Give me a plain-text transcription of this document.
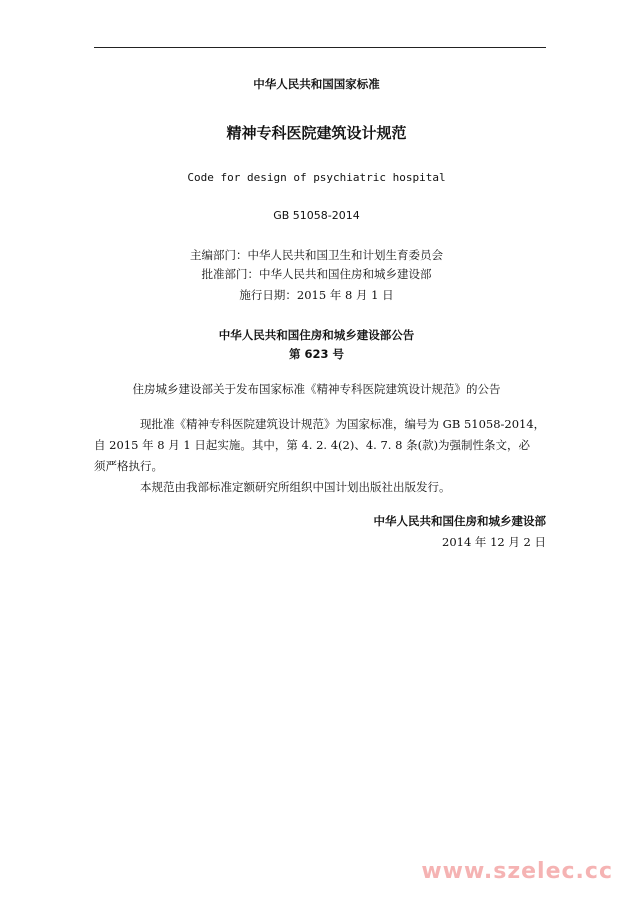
中华人民共和国国家标准
精神专科医院建筑设计规范
Code for design of psychiatric hospital
GB 51058-2014
主编部门：中华人民共和国卫生和计划生育委员会
批准部门：中华人民共和国住房和城乡建设部
施行日期：2015 年 8 月 1 日
中华人民共和国住房和城乡建设部公告
第 623 号
住房城乡建设部关于发布国家标准《精神专科医院建筑设计规范》的公告
现批准《精神专科医院建筑设计规范》为国家标准，编号为 GB 51058-2014，
自 2015 年 8 月 1 日起实施。其中，第 4. 2. 4(2)、4. 7. 8 条(款)为强制性条文，必
须严格执行。
本规范由我部标准定额研究所组织中国计划出版社出版发行。
中华人民共和国住房和城乡建设部
2014 年 12 月 2 日
www.szelec.cc
